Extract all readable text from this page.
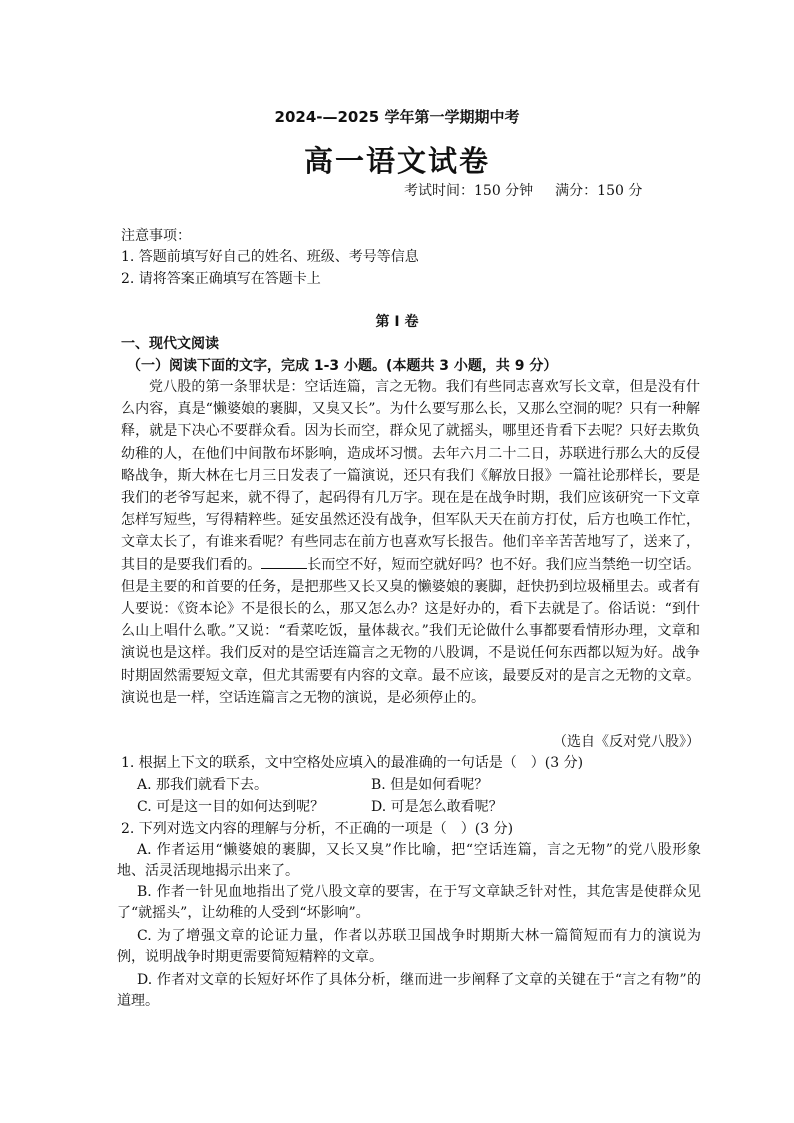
2024-—2025 学年第一学期期中考
高一语文试卷
考试时间：150 分钟 满分：150 分
注意事项：
1. 答题前填写好自己的姓名、班级、考号等信息
2. 请将答案正确填写在答题卡上
第 I 卷
一、现代文阅读
（一）阅读下面的文字，完成 1-3 小题。(本题共 3 小题，共 9 分）
党八股的第一条罪状是：空话连篇，言之无物。我们有些同志喜欢写长文章，但是没有什么内容，真是“懒婆娘的裹脚，又臭又长”。为什么要写那么长，又那么空洞的呢？只有一种解释，就是下决心不要群众看。因为长而空，群众见了就摇头，哪里还肯看下去呢？只好去欺负幼稚的人，在他们中间散布坏影响，造成坏习惯。去年六月二十二日，苏联进行那么大的反侵略战争，斯大林在七月三日发表了一篇演说，还只有我们《解放日报》一篇社论那样长，要是我们的老爷写起来，就不得了，起码得有几万字。现在是在战争时期，我们应该研究一下文章怎样写短些，写得精粹些。延安虽然还没有战争，但军队天天在前方打仗，后方也唤工作忙，文章太长了，有谁来看呢？有些同志在前方也喜欢写长报告。他们辛辛苦苦地写了，送来了，其目的是要我们看的。	长而空不好，短而空就好吗？也不好。我们应当禁绝一切空话。但是主要的和首要的任务，是把那些又长又臭的懒婆娘的裹脚，赶快扔到垃圾桶里去。或者有人要说：《资本论》不是很长的么，那又怎么办？这是好办的，看下去就是了。俗话说：“到什么山上唱什么歌。”又说：“看菜吃饭，量体裁衣。”我们无论做什么事都要看情形办理，文章和演说也是这样。我们反对的是空话连篇言之无物的八股调，不是说任何东西都以短为好。战争时期固然需要短文章，但尤其需要有内容的文章。最不应该，最要反对的是言之无物的文章。演说也是一样，空话连篇言之无物的演说，是必须停止的。
（选自《反对党八股》）
1. 根据上下文的联系，文中空格处应填入的最准确的一句话是（　）(3 分)
A. 那我们就看下去。	B. 但是如何看呢？
C. 可是这一目的如何达到呢？	D. 可是怎么敢看呢？
2. 下列对选文内容的理解与分析，不正确的一项是（　）(3 分)
A. 作者运用“懒婆娘的裹脚，又长又臭”作比喻，把“空话连篇，言之无物”的党八股形象地、活灵活现地揭示出来了。
B. 作者一针见血地指出了党八股文章的要害，在于写文章缺乏针对性，其危害是使群众见了“就摇头”，让幼稚的人受到“坏影响”。
C. 为了增强文章的论证力量，作者以苏联卫国战争时期斯大林一篇简短而有力的演说为例，说明战争时期更需要简短精粹的文章。
D. 作者对文章的长短好坏作了具体分析，继而进一步阐释了文章的关键在于“言之有物”的道理。
